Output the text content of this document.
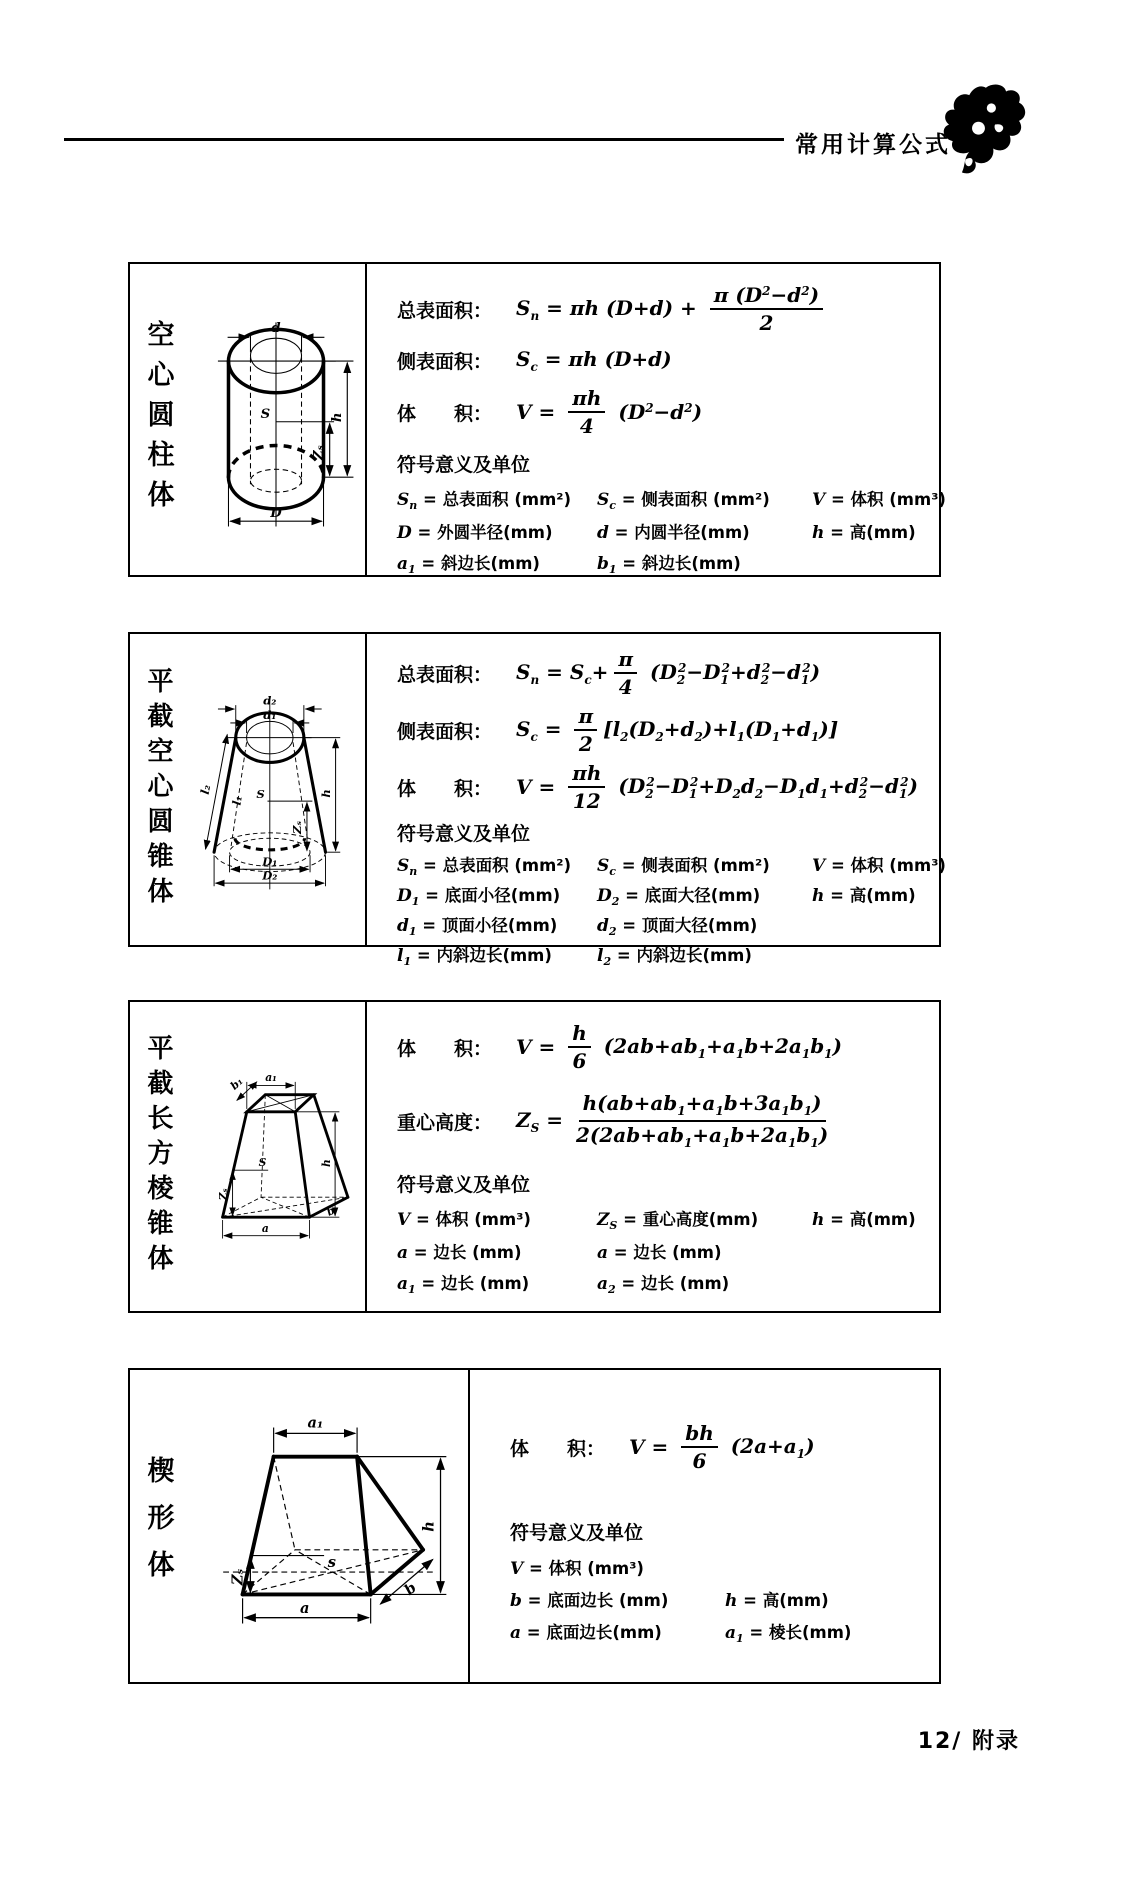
常用计算公式
空心圆柱体	d
S
Zₛ
h
D
总表面积： $S_n = \pi h$ $(D+d) + \frac{\pi (D^2-d^2)}{2}$
侧表面积： $S_c = \pi h$ (D+d)
体　　积： $V = \frac{\pi h}{4} (D^2-d^2)$
符号意义及单位
$S_n$ = 总表面积 (mm²)	$S_c$ = 侧表面积 (mm²)	V = 体积 (mm³)
D = 外圆半径(mm)	d = 内圆半径(mm)	h = 高(mm)
$a_1$ = 斜边长(mm)	$b_1$ = 斜边长(mm)
平截空心圆锥体	d₂
d₁
l₂
l₁ S
Zₛ
h
D₁
D₂
总表面积： $S_n = S_c+ \frac{\pi}{4} (D_2^2-D_1^2+d_2^2-d_1^2)$
侧表面积： $S_c = \frac{\pi}{2} [l_2(D_2+d_2)+l_1(D_1+d_1)]$
体　　积： $V = \frac{\pi h}{12} (D_2^2-D_1^2+D_2d_2-D_1d_1+d_2^2-d_1^2)$
符号意义及单位
$S_n$ = 总表面积 (mm²)	$S_c$ = 侧表面积 (mm²)	V = 体积 (mm³)
$D_1$ = 底面小径(mm)	$D_2$ = 底面大径(mm)	h = 高(mm)
$d_1$ = 顶面小径(mm)	$d_2$ = 顶面大径(mm)
$l_1$ = 内斜边长(mm)	$l_2$ = 内斜边长(mm)
平截长方棱锥体	a₁
b₁
S
Zₛ
h
b
a
体　　积： $V = \frac{h}{6} (2ab+ab_1+a_1b+2a_1b_1)$
重心高度： $Z_S = \frac{h(ab+ab_1+a_1b+3a_1b_1)}{2(2ab+ab_1+a_1b+2a_1b_1)}$
符号意义及单位
V = 体积 (mm³)	$Z_S$ = 重心高度(mm)	h = 高(mm)
a = 边长 (mm)	a = 边长 (mm)
$a_1$ = 边长 (mm)	$a_2$ = 边长 (mm)
楔形体
a₁
s
Zₛ
h
b
a
体　　积： $V = \frac{bh}{6} (2a+a_1)$
符号意义及单位
V = 体积 (mm³)
b = 底面边长 (mm)	h = 高(mm)
a = 底面边长(mm)	$a_1$ = 棱长(mm)
12/ 附录
